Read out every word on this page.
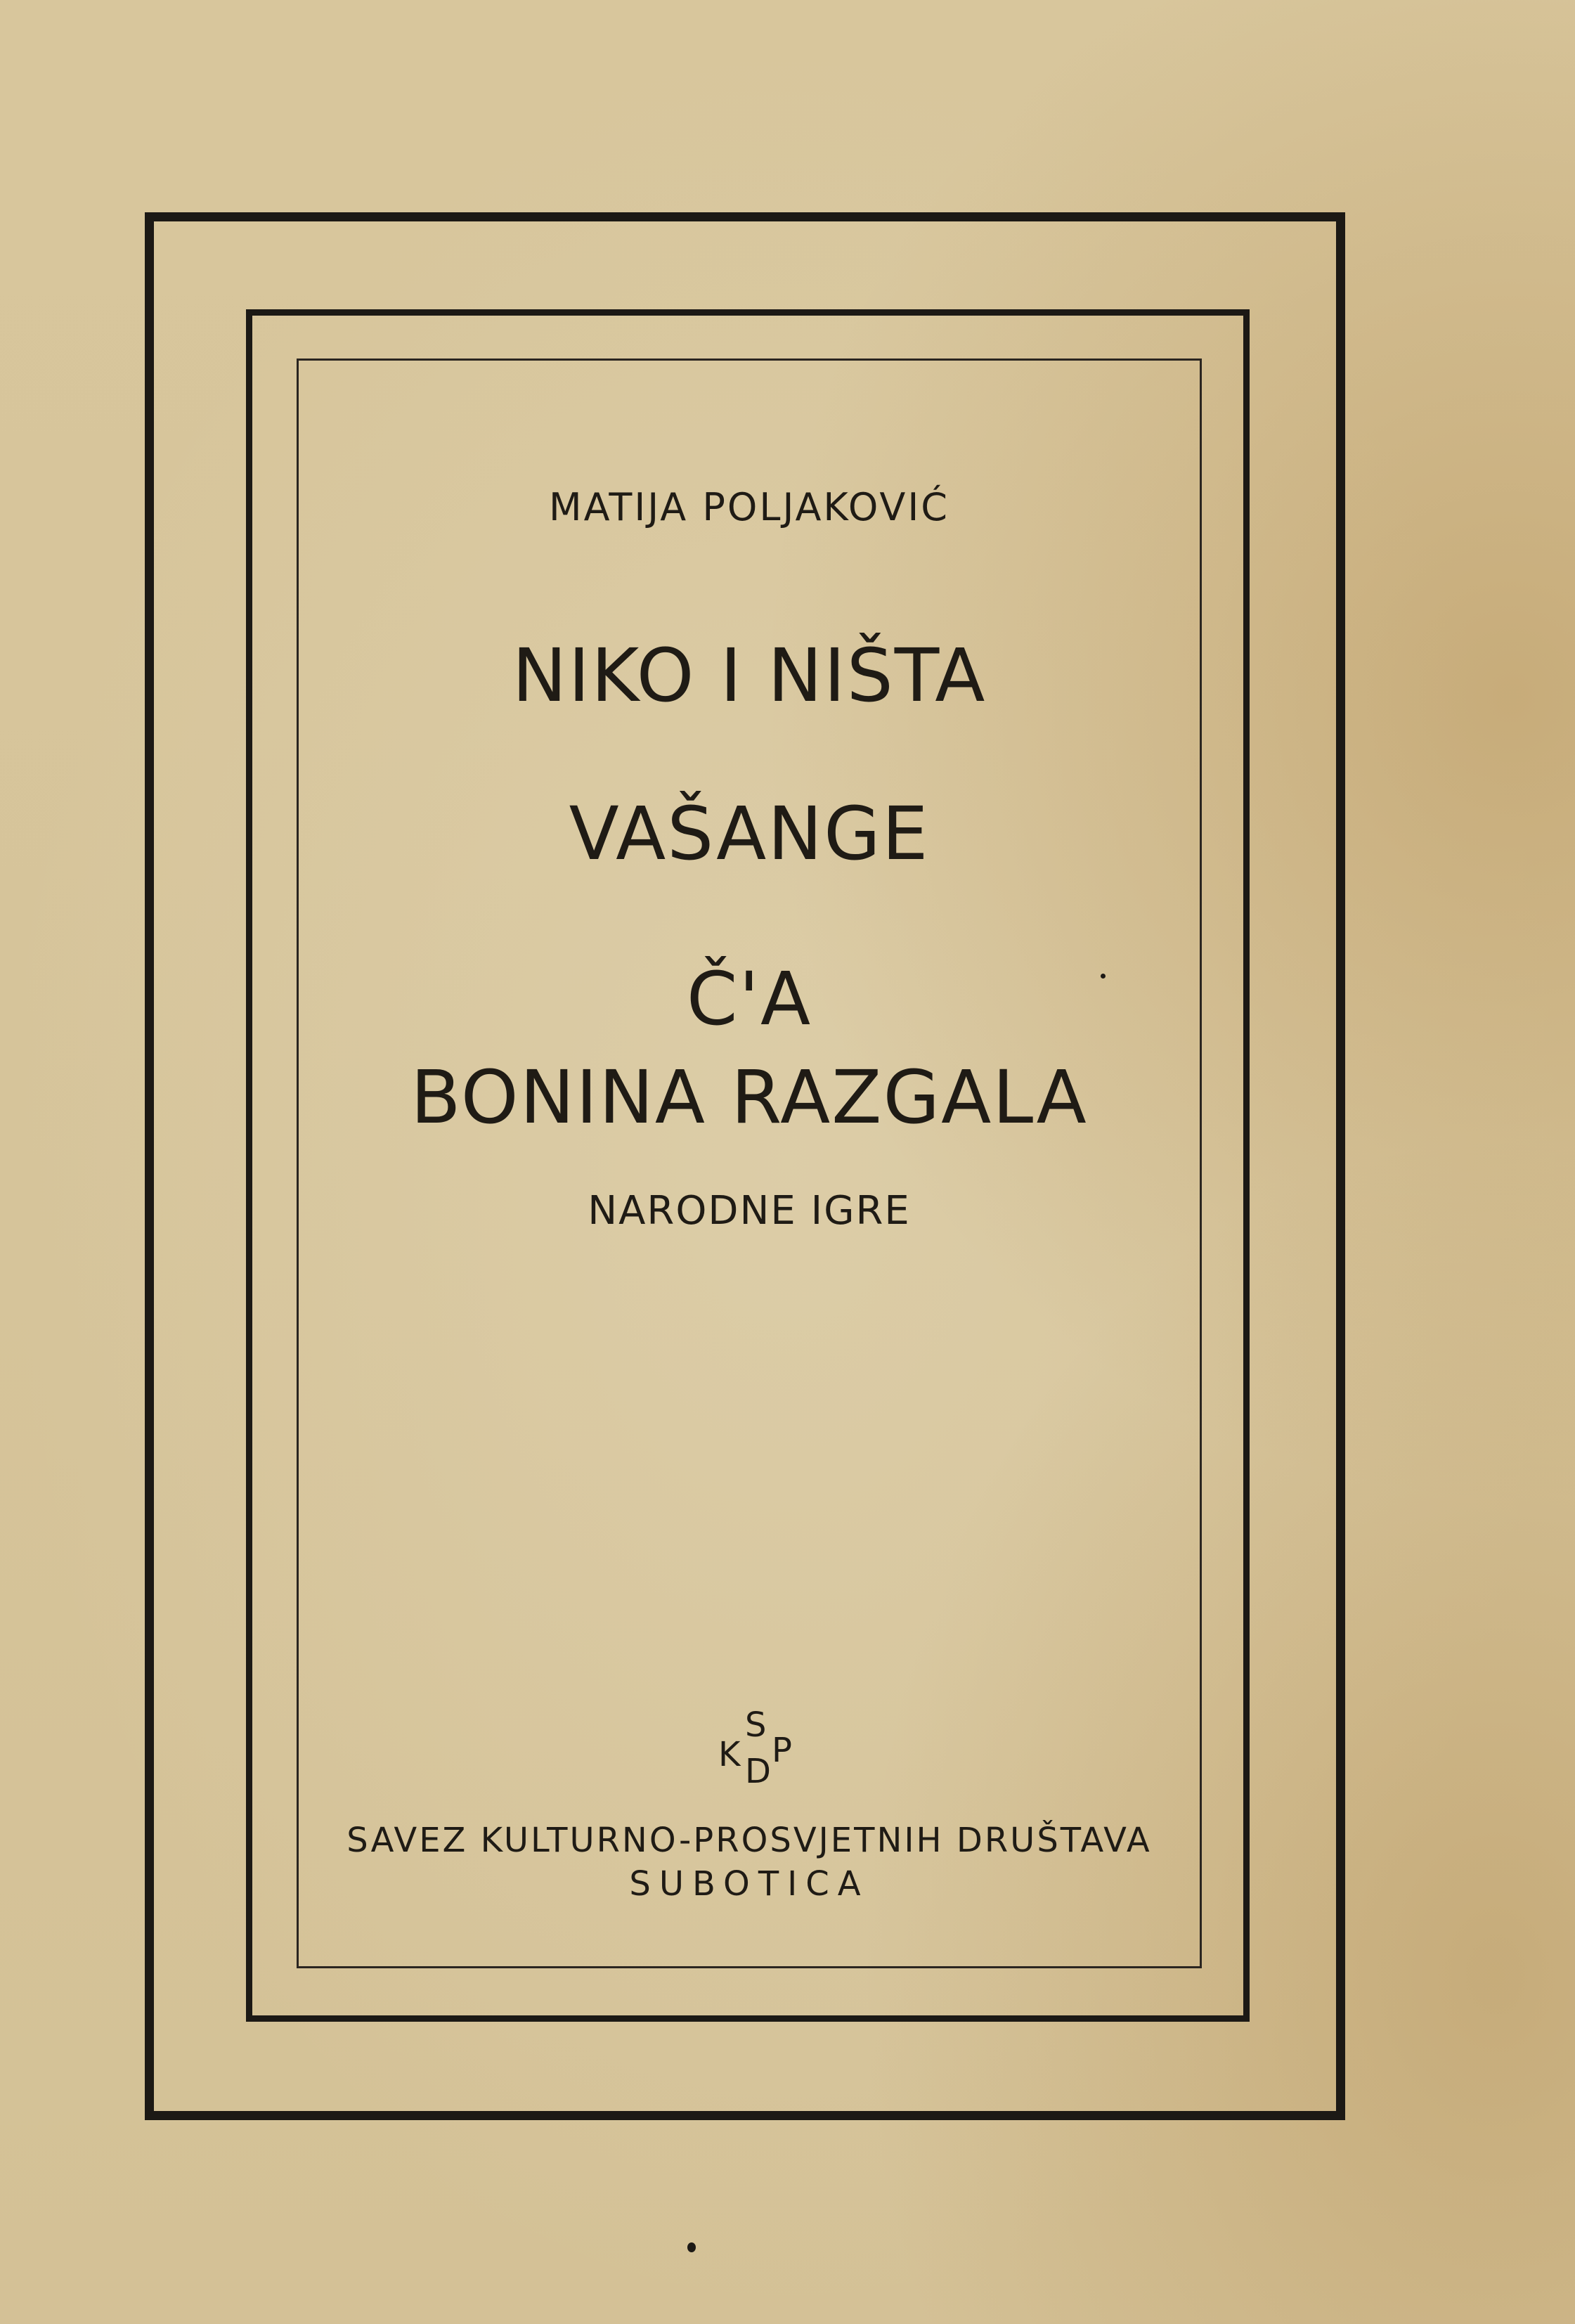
MATIJA POLJAKOVIĆ
NIKO I NIŠTA
VAŠANGE
Č'A
BONINA RAZGALA
NARODNE IGRE
K
S
D
P
SAVEZ KULTURNO-PROSVJETNIH DRUŠTAVA
SUBOTICA
